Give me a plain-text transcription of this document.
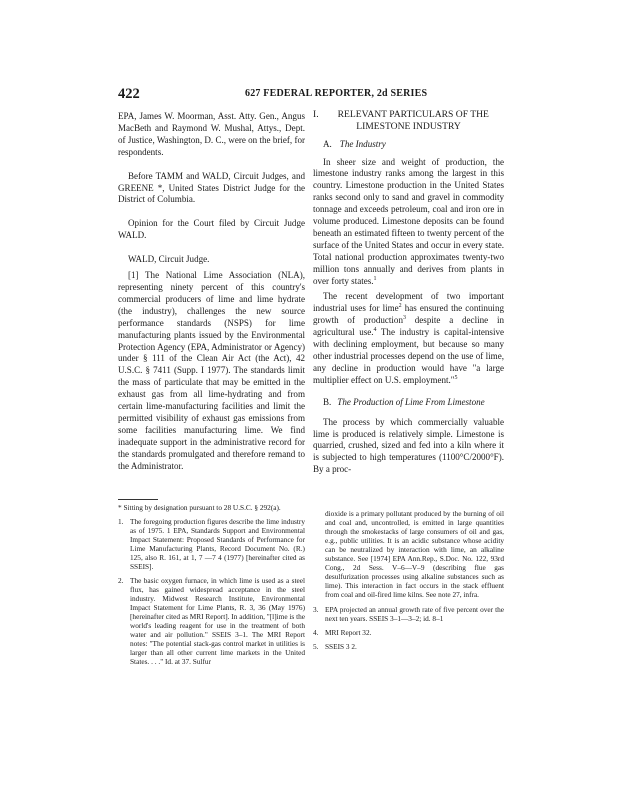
422	627 FEDERAL REPORTER, 2d SERIES

EPA, James W. Moorman, Asst. Atty. Gen., Angus MacBeth and Raymond W. Mushal, Attys., Dept. of Justice, Washington, D. C., were on the brief, for respondents.

Before TAMM and WALD, Circuit Judges, and GREENE *, United States District Judge for the District of Columbia.

Opinion for the Court filed by Circuit Judge WALD.

WALD, Circuit Judge.

[1] The National Lime Association (NLA), representing ninety percent of this country's commercial producers of lime and lime hydrate (the industry), challenges the new source performance standards (NSPS) for lime manufacturing plants issued by the Environmental Protection Agency (EPA, Administrator or Agency) under § 111 of the Clean Air Act (the Act), 42 U.S.C. § 7411 (Supp. I 1977). The standards limit the mass of particulate that may be emitted in the exhaust gas from all lime-hydrating and from certain lime-manufacturing facilities and limit the permitted visibility of exhaust gas emissions from some facilities manufacturing lime. We find inadequate support in the administrative record for the standards promulgated and therefore remand to the Administrator.

I. RELEVANT PARTICULARS OF THE LIMESTONE INDUSTRY

A. The Industry

In sheer size and weight of production, the limestone industry ranks among the largest in this country. Limestone production in the United States ranks second only to sand and gravel in commodity tonnage and exceeds petroleum, coal and iron ore in volume produced. Limestone deposits can be found beneath an estimated fifteen to twenty percent of the surface of the United States and occur in every state. Total national production approximates twenty-two million tons annually and derives from plants in over forty states.$^1$

The recent development of two important industrial uses for lime$^2$ has ensured the continuing growth of production$^3$ despite a decline in agricultural use.$^4$ The industry is capital-intensive with declining employment, but because so many other industrial processes depend on the use of lime, any decline in production would have "a large multiplier effect on U.S. employment."$^5$

B. The Production of Lime From Limestone

The process by which commercially valuable lime is produced is relatively simple. Limestone is quarried, crushed, sized and fed into a kiln where it is subjected to high temperatures (1100°C/2000°F). By a proc-

* Sitting by designation pursuant to 28 U.S.C. § 292(a).

1. The foregoing production figures describe the lime industry as of 1975. 1 EPA, Standards Support and Environmental Impact Statement: Proposed Standards of Performance for Lime Manufacturing Plants, Record Document No. (R.) 125, also R. 161, at 1, 7 —7 4 (1977) [hereinafter cited as SSEIS].

2. The basic oxygen furnace, in which lime is used as a steel flux, has gained widespread acceptance in the steel industry. Midwest Research Institute, Environmental Impact Statement for Lime Plants, R. 3, 36 (May 1976) [hereinafter cited as MRI Report]. In addition, "[l]ime is the world's leading reagent for use in the treatment of both water and air pollution." SSEIS 3–1. The MRI Report notes: "The potential stack-gas control market in utilities is larger than all other current lime markets in the United States. . . ." Id. at 37. Sulfur

dioxide is a primary pollutant produced by the burning of oil and coal and, uncontrolled, is emitted in large quantities through the smokestacks of large consumers of oil and gas, e.g., public utilities. It is an acidic substance whose acidity can be neutralized by interaction with lime, an alkaline substance. See [1974] EPA Ann.Rep., S.Doc. No. 122, 93rd Cong., 2d Sess. V–6—V–9 (describing flue gas desulfurization processes using alkaline substances such as lime). This interaction in fact occurs in the stack effluent from coal and oil-fired lime kilns. See note 27, infra.

3. EPA projected an annual growth rate of five percent over the next ten years. SSEIS 3–1—3–2; id. 8–1

4. MRI Report 32.

5. SSEIS 3 2.
